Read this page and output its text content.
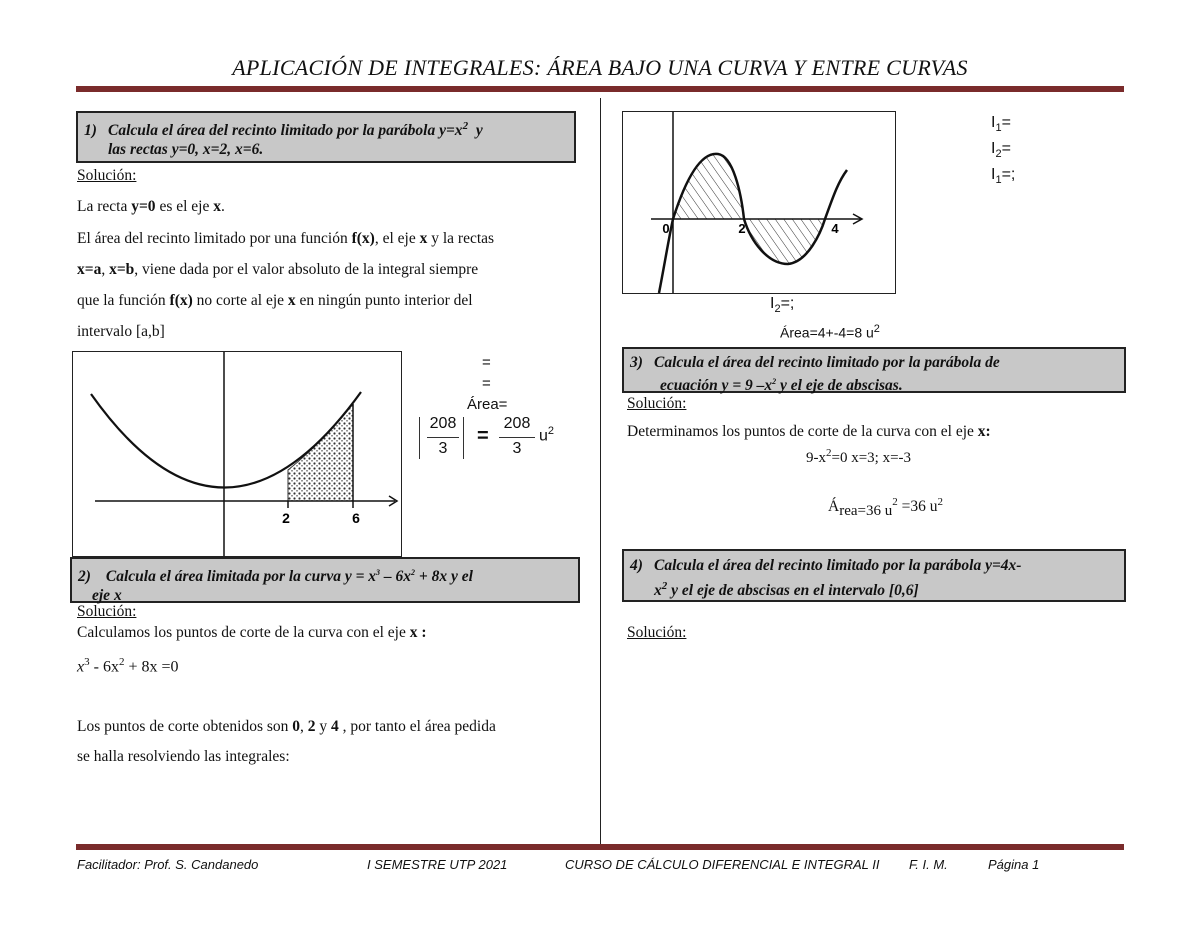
APLICACIÓN DE INTEGRALES: ÁREA BAJO UNA CURVA Y ENTRE CURVAS
1) Calcula el área del recinto limitado por la parábola $y=x^2$ y
las rectas y=0, x=2, x=6.
Solución:
La recta y=0 es el eje x.
El área del recinto limitado por una función f(x), el eje x y la rectas
x=a, x=b, viene dada por el valor absoluto de la integral siempre
que la función f(x) no corte al eje x en ningún punto interior del
intervalo [a,b]
2	6
=
=
Área=
208
3
=
208
3
$u^2$
2) Calcula el área limitada por la curva $y = x^3 - 6x^2 + 8x$ y el
eje x
Solución:
Calculamos los puntos de corte de la curva con el eje x :
$x^3 - 6x^2 + 8x =0$
Los puntos de corte obtenidos son 0, 2 y 4 , por tanto el área pedida
se halla resolviendo las integrales:
0	2	4
$I_1=$
$I_2=$
$I_1=$;
$I_2=$;
Área=4+-4=8 $u^2$
3) Calcula el área del recinto limitado por la parábola de
ecuación y = 9 $-x^2$ y el eje de abscisas.
Solución:
Determinamos los puntos de corte de la curva con el eje x:
$9-x^2=0$ x=3; x=-3
$Á_{rea=36 u}^2 =36$ $u^2$
4) Calcula el área del recinto limitado por la parábola y=4x-
$x^2$ y el eje de abscisas en el intervalo [0,6]
Solución:
Facilitador: Prof. S. Candanedo	I SEMESTRE UTP 2021	CURSO DE CÁLCULO DIFERENCIAL E INTEGRAL II F. I. M.	Página 1
